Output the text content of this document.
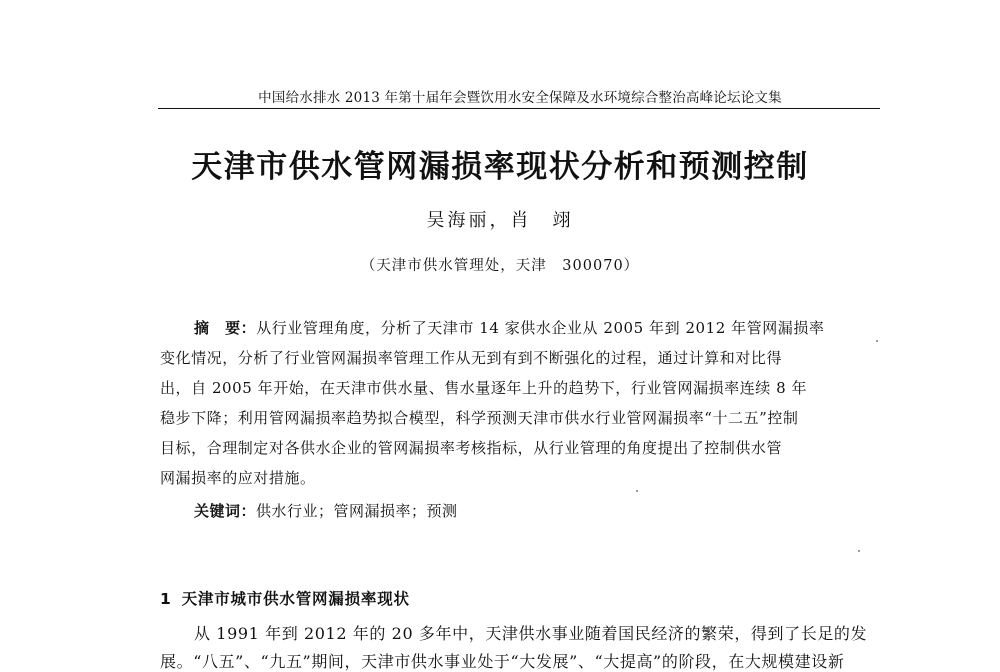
中国给水排水 2013 年第十届年会暨饮用水安全保障及水环境综合整治高峰论坛论文集
天津市供水管网漏损率现状分析和预测控制
吴海丽，肖　翊
（天津市供水管理处，天津　300070）
摘　要：从行业管理角度，分析了天津市 14 家供水企业从 2005 年到 2012 年管网漏损率
变化情况，分析了行业管网漏损率管理工作从无到有到不断强化的过程，通过计算和对比得
出，自 2005 年开始，在天津市供水量、售水量逐年上升的趋势下，行业管网漏损率连续 8 年
稳步下降；利用管网漏损率趋势拟合模型，科学预测天津市供水行业管网漏损率“十二五”控制
目标，合理制定对各供水企业的管网漏损率考核指标，从行业管理的角度提出了控制供水管
网漏损率的应对措施。
关键词：供水行业；管网漏损率；预测
1 天津市城市供水管网漏损率现状
从 1991 年到 2012 年的 20 多年中，天津供水事业随着国民经济的繁荣，得到了长足的发
展。“八五”、“九五”期间，天津市供水事业处于“大发展”、“大提高”的阶段，在大规模建设新
